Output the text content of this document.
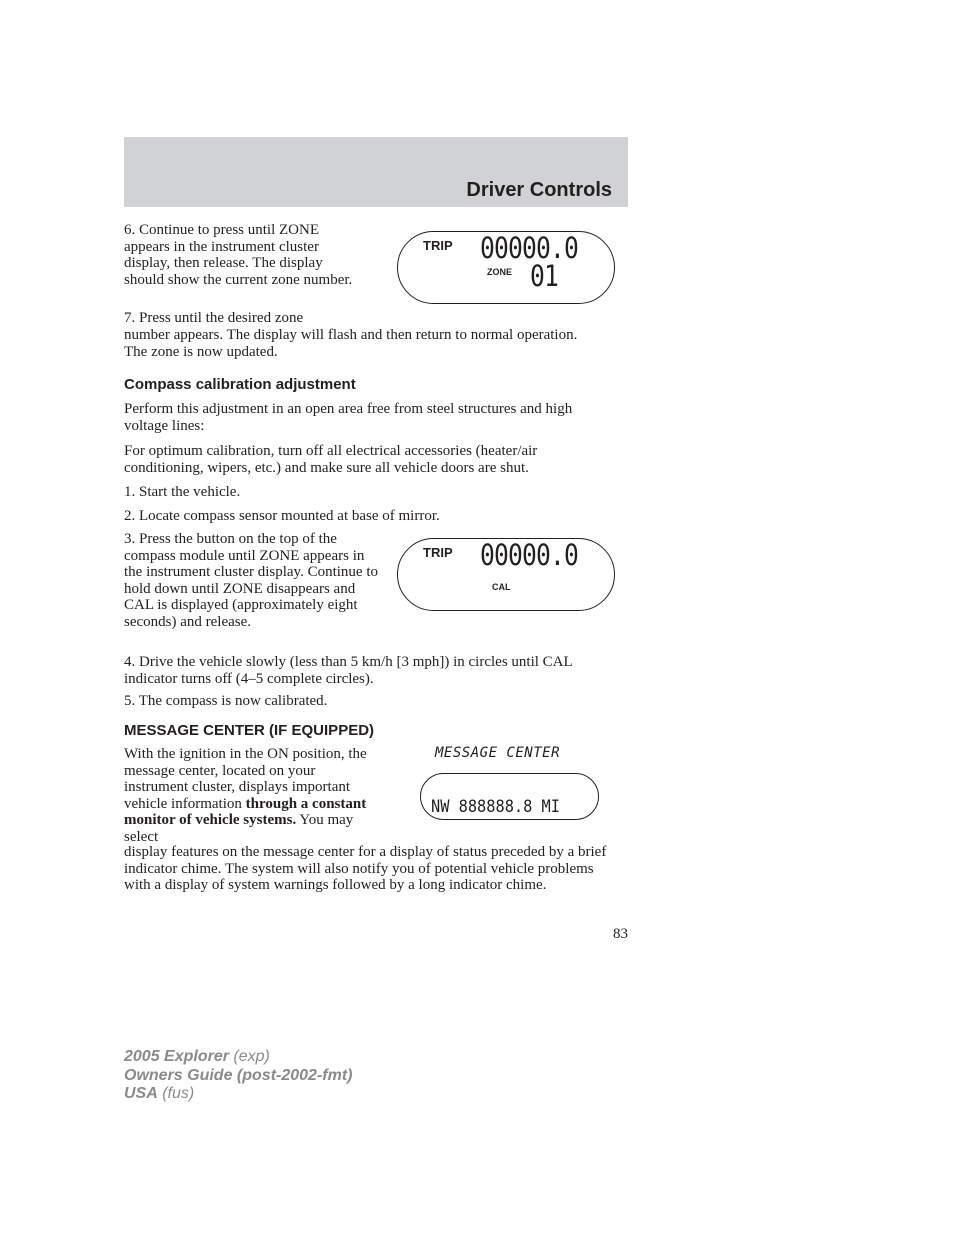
Driver Controls

6. Continue to press until ZONE appears in the instrument cluster display, then release. The display should show the current zone number.

TRIP 00000.0
ZONE 01

7. Press until the desired zone

number appears. The display will flash and then return to normal operation. The zone is now updated.

Compass calibration adjustment

Perform this adjustment in an open area free from steel structures and high voltage lines:

For optimum calibration, turn off all electrical accessories (heater/air conditioning, wipers, etc.) and make sure all vehicle doors are shut.

1. Start the vehicle.

2. Locate compass sensor mounted at base of mirror.

3. Press the button on the top of the compass module until ZONE appears in the instrument cluster display. Continue to hold down until ZONE disappears and CAL is displayed (approximately eight seconds) and release.

TRIP 00000.0
CAL

4. Drive the vehicle slowly (less than 5 km/h [3 mph]) in circles until CAL indicator turns off (4–5 complete circles).

5. The compass is now calibrated.

MESSAGE CENTER (IF EQUIPPED)

With the ignition in the ON position, the message center, located on your instrument cluster, displays important vehicle information through a constant monitor of vehicle systems. You may select

display features on the message center for a display of status preceded by a brief indicator chime. The system will also notify you of potential vehicle problems with a display of system warnings followed by a long indicator chime.

MESSAGE CENTER
NW 888888.8 MI
83
2005 Explorer (exp)
Owners Guide (post-2002-fmt)
USA (fus)
